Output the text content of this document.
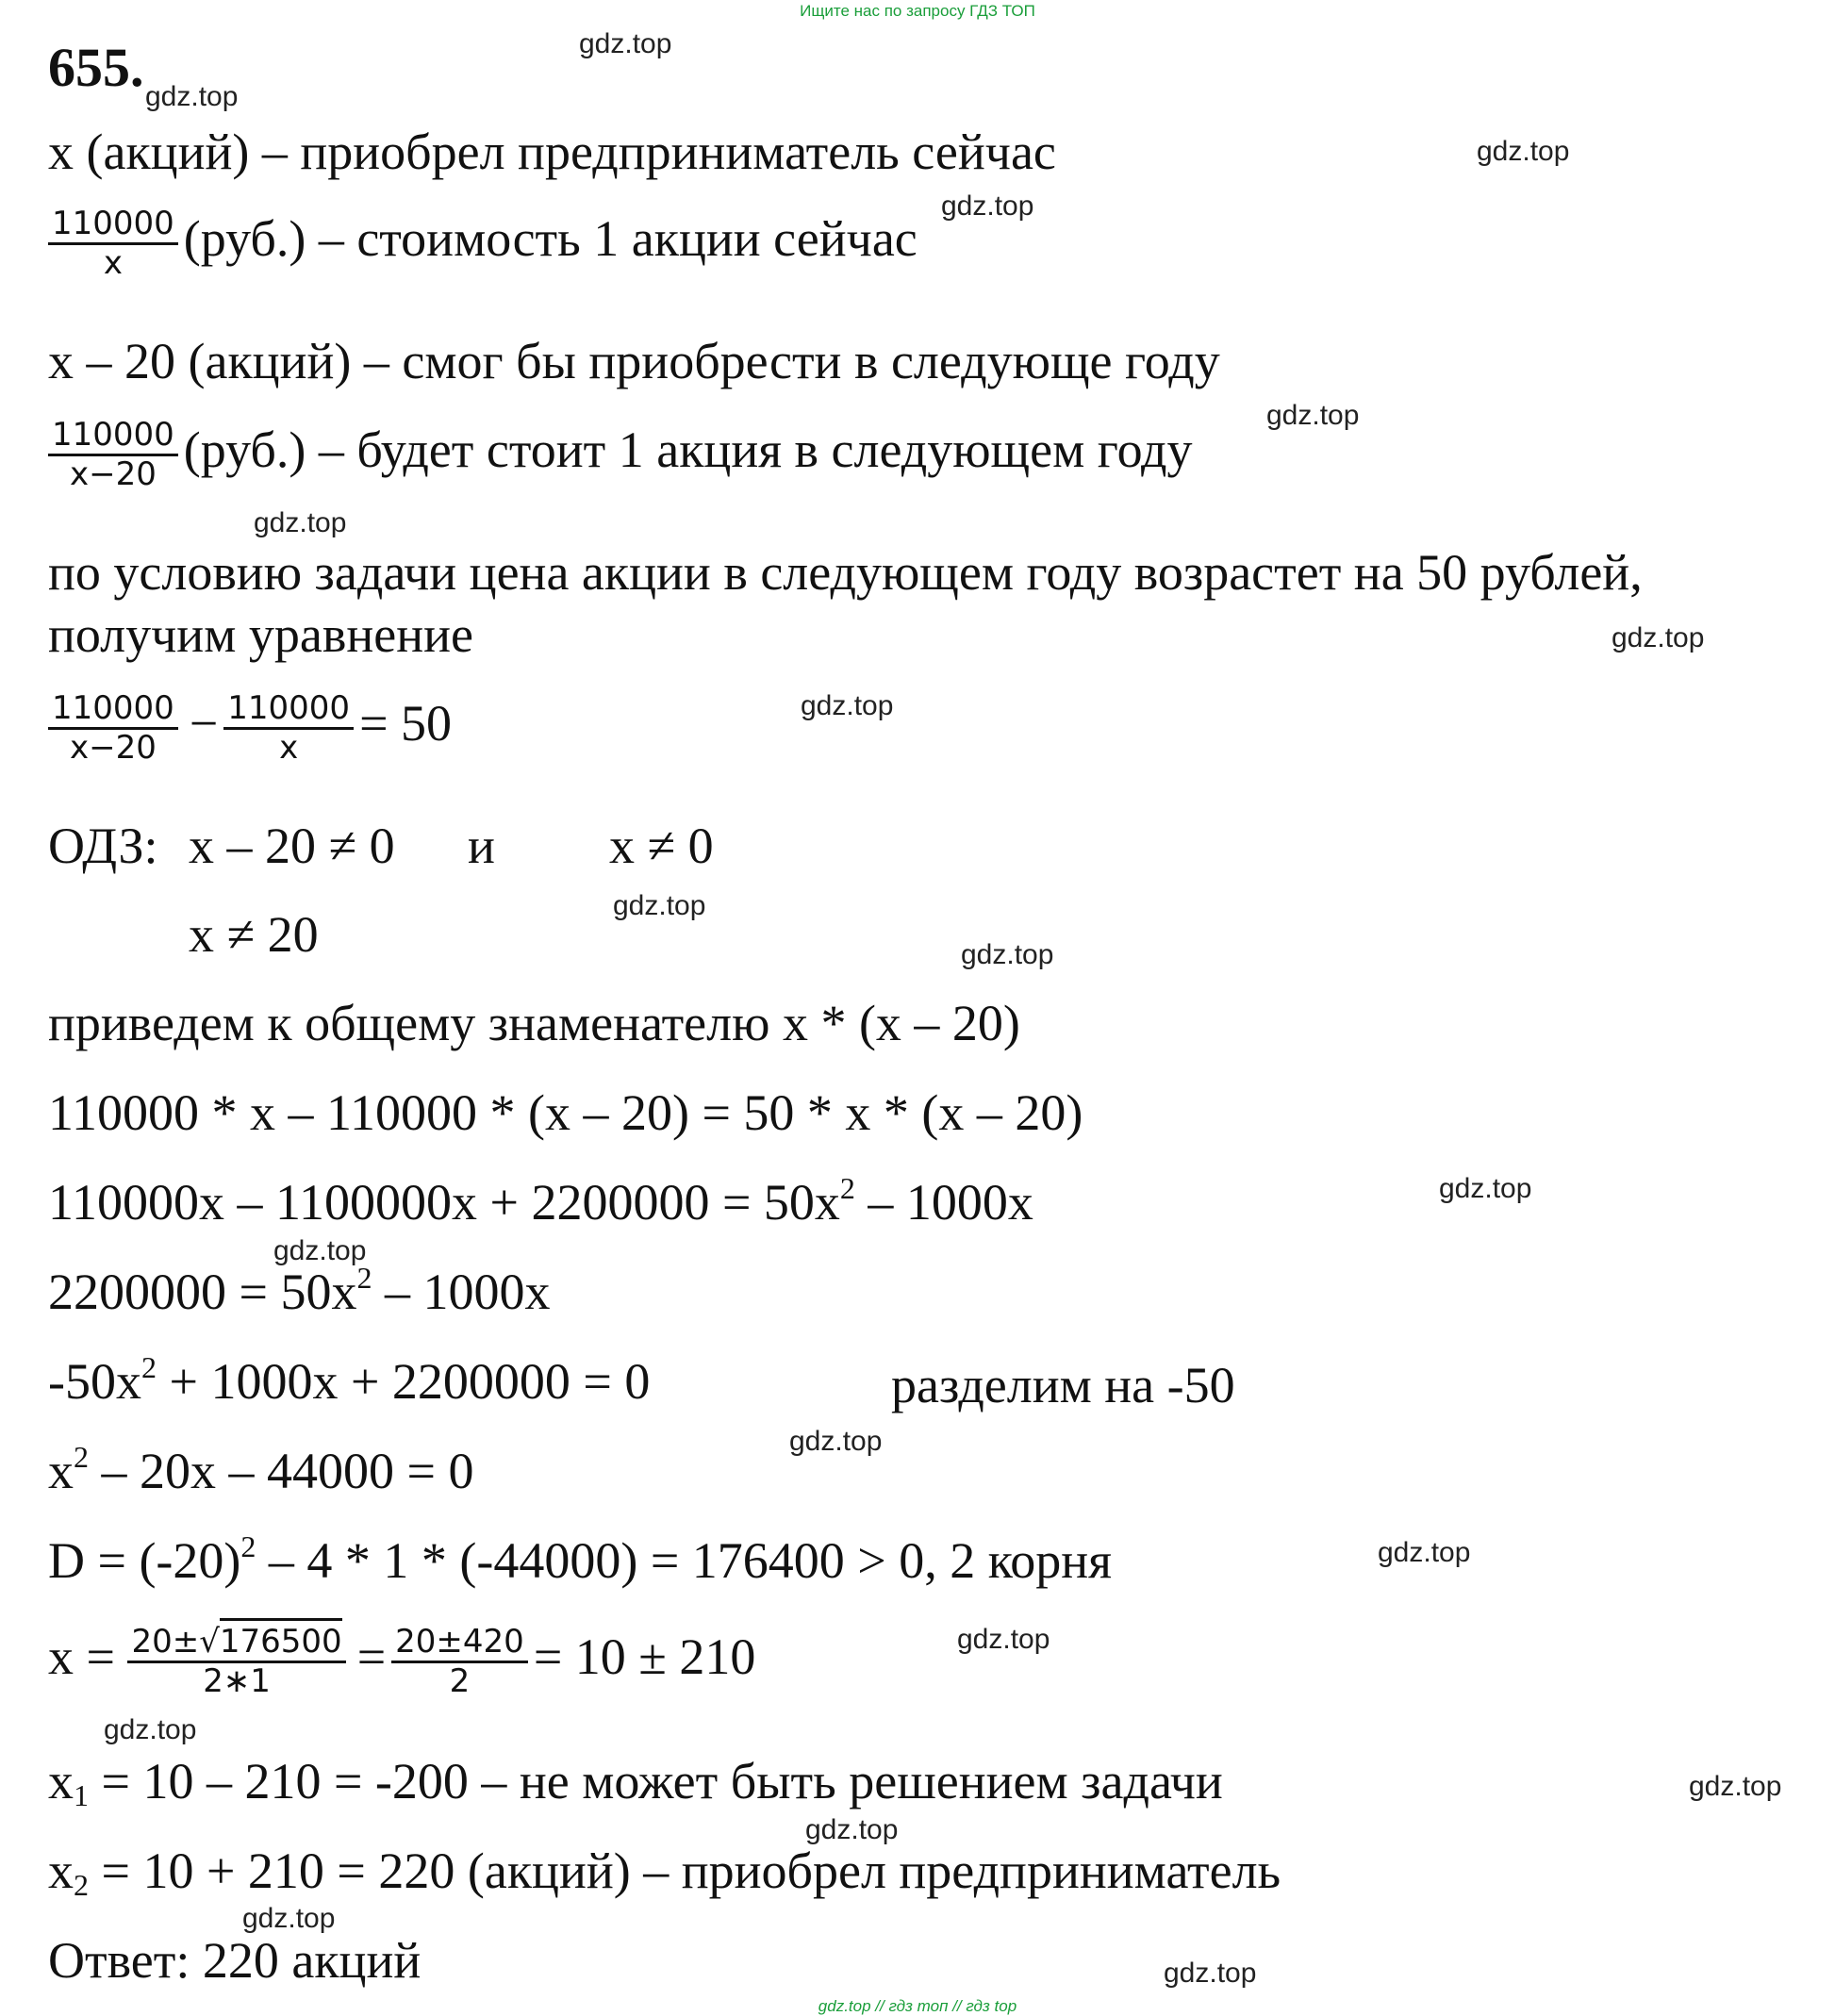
Ищите нас по запросу ГДЗ ТОП
655.
x (акций) – приобрел предприниматель сейчас
$\frac{110000}{x} (руб.)$ – стоимость 1 акции сейчас
x – 20 (акций) – смог бы приобрести в следующе году
$\frac{110000}{x-20} (руб.)$ – будет стоит 1 акция в следующем году
по условию задачи цена акции в следующем году возрастет на 50 рублей,
получим уравнение
$\frac{110000}{x-20} - \frac{110000}{x} = 50$
ОДЗ: x – 20 ≠ 0 и x ≠ 0
x ≠ 20
приведем к общему знаменателю x * (x – 20)
110000 * x – 110000 * (x – 20) = 50 * x * (x – 20)
$110000x - 1100000x + 2200000 = 50x^2 - 1000x$
$2200000 = 50x^2 - 1000x$
$-50x^2 + 1000x + 2200000 = 0$	разделим на -50
$x^2 - 20x - 44000 = 0$
$D = (-20)^2 - 4 * 1 * (-44000) = 176400 > 0$, 2 корня
$x = \frac{20\pm√176500}{2∗1} = \frac{20\pm 420}{2} = 10 \pm 210$
$x_1 = 10 - 210 = -200$ – не может быть решением задачи
$x_2 = 10 + 210 = 220$ (акций) – приобрел предприниматель
Ответ: 220 акций
gdz.top
gdz.top
gdz.top
gdz.top
gdz.top
gdz.top
gdz.top
gdz.top
gdz.top
gdz.top
gdz.top
gdz.top
gdz.top
gdz.top
gdz.top
gdz.top
gdz.top
gdz.top
gdz.top
gdz.top
gdz.top // гдз топ // гдз top
